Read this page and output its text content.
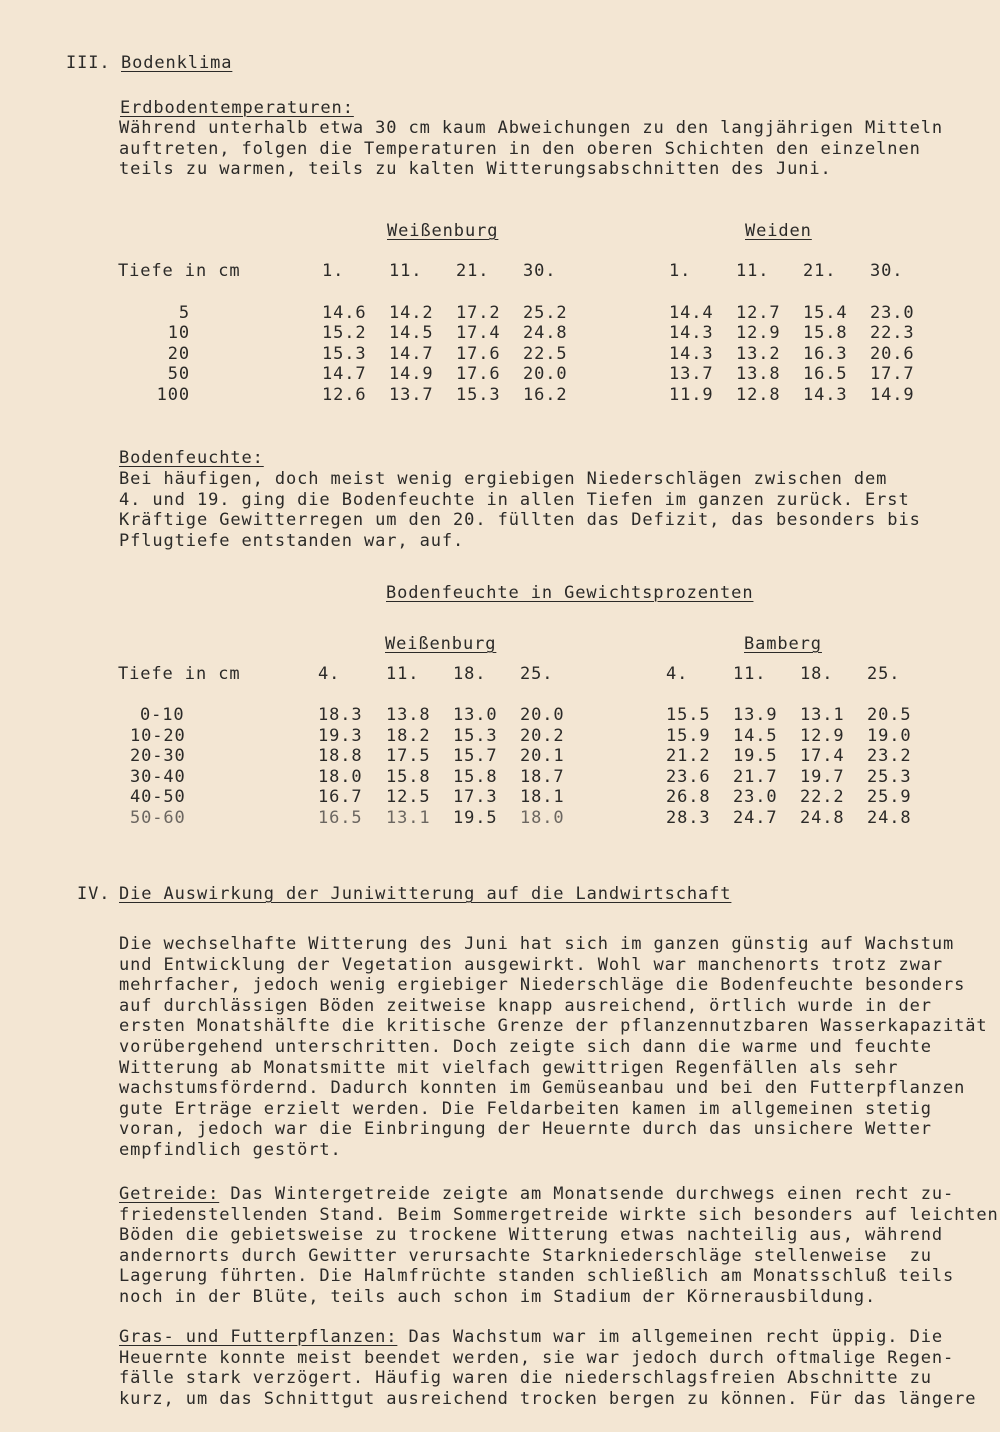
III. Bodenklima
Erdbodentemperaturen:
Während unterhalb etwa 30 cm kaum Abweichungen zu den langjährigen Mitteln
auftreten, folgen die Temperaturen in den oberen Schichten den einzelnen
teils zu warmen, teils zu kalten Witterungsabschnitten des Juni.
Weißenburg	Weiden
Tiefe in cm		1.	11.	21.	30.	1.	11.	21.	30.

5		14.6	14.2	17.2	25.2	14.4	12.7	15.4	23.0
10		15.2	14.5	17.4	24.8	14.3	12.9	15.8	22.3
20		15.3	14.7	17.6	22.5	14.3	13.2	16.3	20.6
50		14.7	14.9	17.6	20.0	13.7	13.8	16.5	17.7
100		12.6	13.7	15.3	16.2	11.9	12.8	14.3	14.9
Bodenfeuchte:
Bei häufigen, doch meist wenig ergiebigen Niederschlägen zwischen dem
4. und 19. ging die Bodenfeuchte in allen Tiefen im ganzen zurück. Erst
Kräftige Gewitterregen um den 20. füllten das Defizit, das besonders bis
Pflugtiefe entstanden war, auf.
Bodenfeuchte in Gewichtsprozenten
Weißenburg	Bamberg
Tiefe in cm		4.	11.	18.	25.	4.	11.	18.	25.

0-10		18.3	13.8	13.0	20.0	15.5	13.9	13.1	20.5
10-20		19.3	18.2	15.3	20.2	15.9	14.5	12.9	19.0
20-30		18.8	17.5	15.7	20.1	21.2	19.5	17.4	23.2
30-40		18.0	15.8	15.8	18.7	23.6	21.7	19.7	25.3
40-50		16.7	12.5	17.3	18.1	26.8	23.0	22.2	25.9
50-60		16.5	13.1	19.5	18.0	28.3	24.7	24.8	24.8
IV. Die Auswirkung der Juniwitterung auf die Landwirtschaft
Die wechselhafte Witterung des Juni hat sich im ganzen günstig auf Wachstum
und Entwicklung der Vegetation ausgewirkt. Wohl war manchenorts trotz zwar
mehrfacher, jedoch wenig ergiebiger Niederschläge die Bodenfeuchte besonders
auf durchlässigen Böden zeitweise knapp ausreichend, örtlich wurde in der
ersten Monatshälfte die kritische Grenze der pflanzennutzbaren Wasserkapazität
vorübergehend unterschritten. Doch zeigte sich dann die warme und feuchte
Witterung ab Monatsmitte mit vielfach gewittrigen Regenfällen als sehr
wachstumsfördernd. Dadurch konnten im Gemüseanbau und bei den Futterpflanzen
gute Erträge erzielt werden. Die Feldarbeiten kamen im allgemeinen stetig
voran, jedoch war die Einbringung der Heuernte durch das unsichere Wetter
empfindlich gestört.
Getreide: Das Wintergetreide zeigte am Monatsende durchwegs einen recht zu-
friedenstellenden Stand. Beim Sommergetreide wirkte sich besonders auf leichten
Böden die gebietsweise zu trockene Witterung etwas nachteilig aus, während
andernorts durch Gewitter verursachte Starkniederschläge stellenweise  zu
Lagerung führten. Die Halmfrüchte standen schließlich am Monatsschluß teils
noch in der Blüte, teils auch schon im Stadium der Körnerausbildung.
Gras- und Futterpflanzen: Das Wachstum war im allgemeinen recht üppig. Die
Heuernte konnte meist beendet werden, sie war jedoch durch oftmalige Regen-
fälle stark verzögert. Häufig waren die niederschlagsfreien Abschnitte zu
kurz, um das Schnittgut ausreichend trocken bergen zu können. Für das längere
